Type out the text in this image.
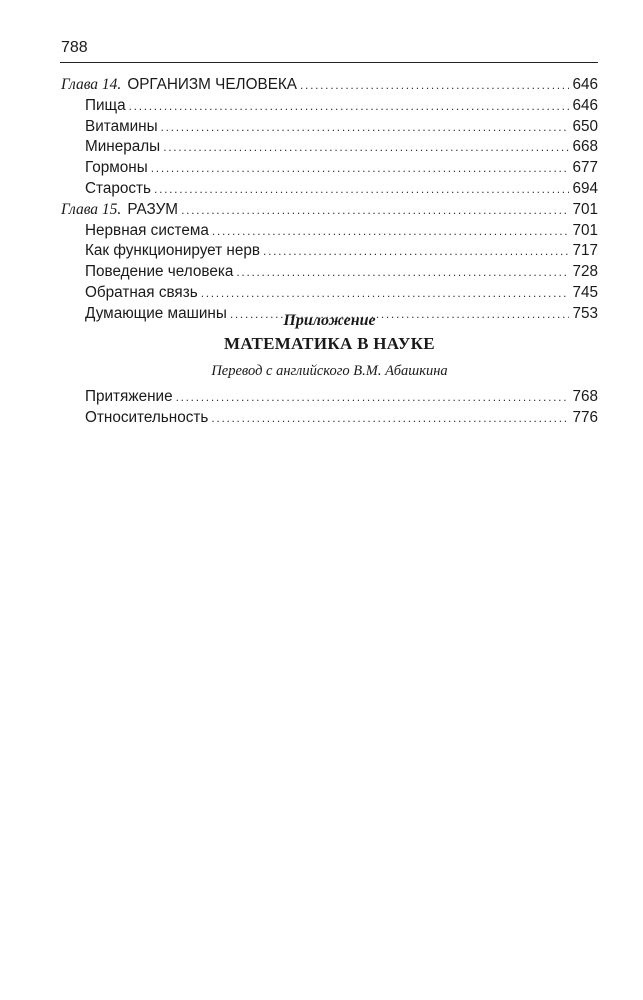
788
Глава 14. ОРГАНИЗМ ЧЕЛОВЕКА .....	646
Пища .....	646
Витамины .....	650
Минералы .....	668
Гормоны .....	677
Старость .....	694
Глава 15. РАЗУМ .....	701
Нервная система .....	701
Как функционирует нерв .....	717
Поведение человека .....	728
Обратная связь .....	745
Думающие машины .....	753
Приложение
МАТЕМАТИКА В НАУКЕ
Перевод с английского В.М. Абашкина
Притяжение .....	768
Относительность .....	776
